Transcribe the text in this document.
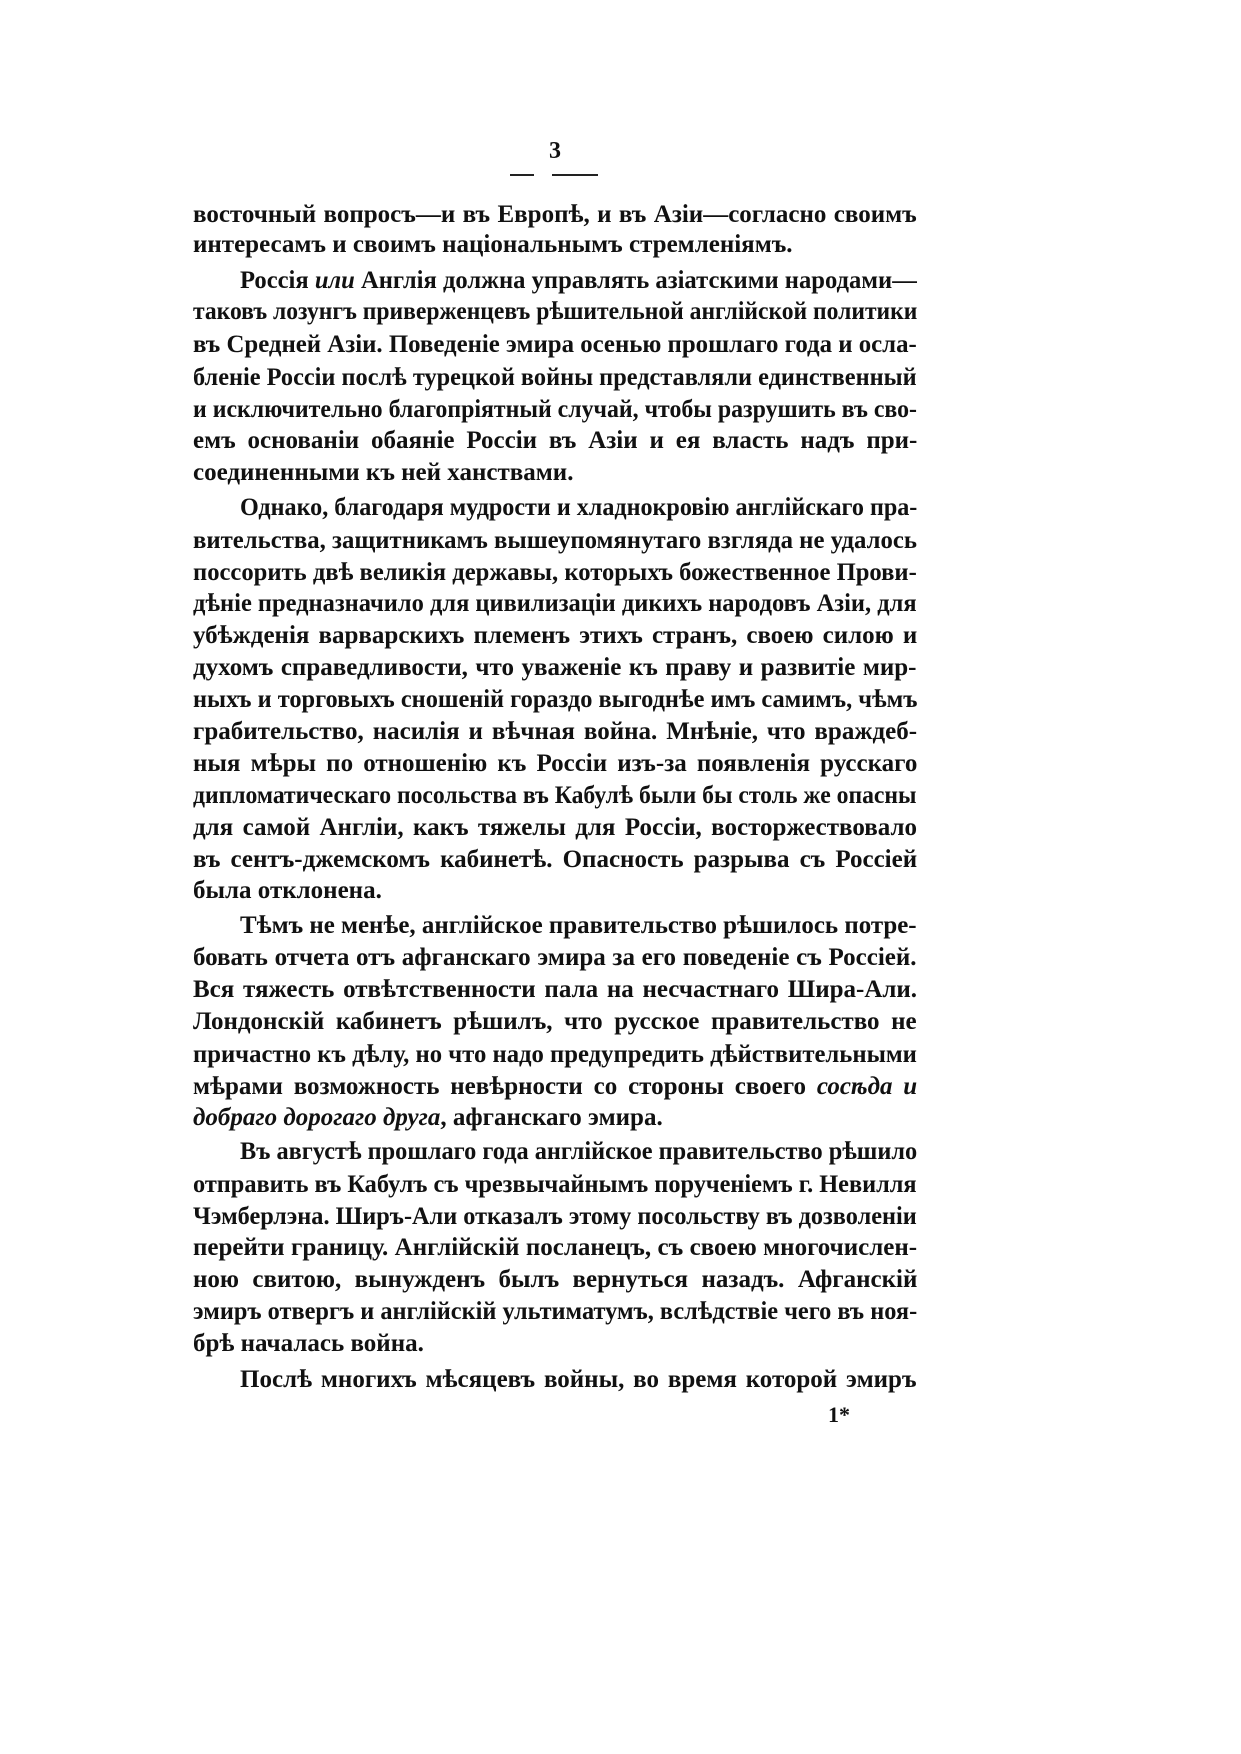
3
восточный вопросъ—и въ Европѣ, и въ Азіи—согласно своимъ
интересамъ и своимъ національнымъ стремленіямъ.
Россія или Англія должна управлять азіатскими народами—
таковъ лозунгъ приверженцевъ рѣшительной англійской политики
въ Средней Азіи. Поведеніе эмира осенью прошлаго года и осла-
бленіе Россіи послѣ турецкой войны представляли единственный
и исключительно благопріятный случай, чтобы разрушить въ сво-
емъ основаніи обаяніе Россіи въ Азіи и ея власть надъ при-
соединенными къ ней ханствами.
Однако, благодаря мудрости и хладнокровію англійскаго пра-
вительства, защитникамъ вышеупомянутаго взгляда не удалось
поссорить двѣ великія державы, которыхъ божественное Прови-
дѣніе предназначило для цивилизаціи дикихъ народовъ Азіи, для
убѣжденія варварскихъ племенъ этихъ странъ, своею силою и
духомъ справедливости, что уваженіе къ праву и развитіе мир-
ныхъ и торговыхъ сношеній гораздо выгоднѣе имъ самимъ, чѣмъ
грабительство, насилія и вѣчная война. Мнѣніе, что враждеб-
ныя мѣры по отношенію къ Россіи изъ-за появленія русскаго
дипломатическаго посольства въ Кабулѣ были бы столь же опасны
для самой Англіи, какъ тяжелы для Россіи, восторжествовало
въ сентъ-джемскомъ кабинетѣ. Опасность разрыва съ Россіей
была отклонена.
Тѣмъ не менѣе, англійское правительство рѣшилось потре-
бовать отчета отъ афганскаго эмира за его поведеніе съ Россіей.
Вся тяжесть отвѣтственности пала на несчастнаго Шира-Али.
Лондонскій кабинетъ рѣшилъ, что русское правительство не
причастно къ дѣлу, но что надо предупредить дѣйствительными
мѣрами возможность невѣрности со стороны своего сосѣда и
добраго дорогаго друга, афганскаго эмира.
Въ августѣ прошлаго года англійское правительство рѣшило
отправить въ Кабулъ съ чрезвычайнымъ порученіемъ г. Невилля
Чэмберлэна. Ширъ-Али отказалъ этому посольству въ дозволеніи
перейти границу. Англійскій посланецъ, съ своею многочислен-
ною свитою, вынужденъ былъ вернуться назадъ. Афганскій
эмиръ отвергъ и англійскій ультиматумъ, вслѣдствіе чего въ ноя-
брѣ началась война.
Послѣ многихъ мѣсяцевъ войны, во время которой эмиръ
1*
